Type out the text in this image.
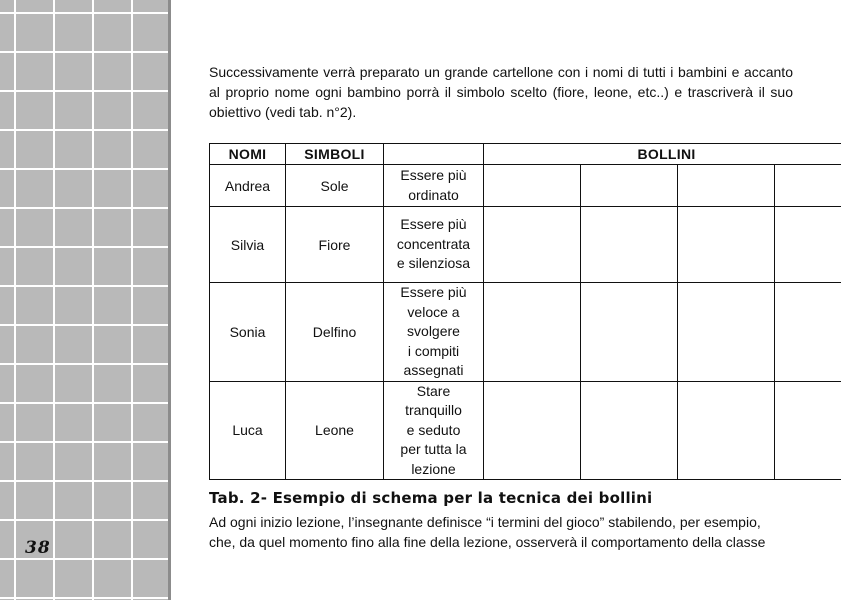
38

Successivamente verrà preparato un grande cartellone con i nomi di tutti i bambini e accanto al proprio nome ogni bambino porrà il simbolo scelto (fiore, leone, etc..) e trascriverà il suo obiettivo (vedi tab. n°2).

NOMI	SIMBOLI		BOLLINI			
Andrea	Sole	Essere più
ordinato				

Silvia	Fiore	Essere più
concentrata
e silenziosa				

Sonia	Delfino	Essere più
veloce a
svolgere
i compiti
assegnati				

Luca	Leone	Stare
tranquillo
e seduto
per tutta la
lezione				

Tab. 2- Esempio di schema per la tecnica dei bollini
Ad ogni inizio lezione, l’insegnante definisce “i termini del gioco” stabilendo, per esempio,
che, da quel momento fino alla fine della lezione, osserverà il comportamento della classe
